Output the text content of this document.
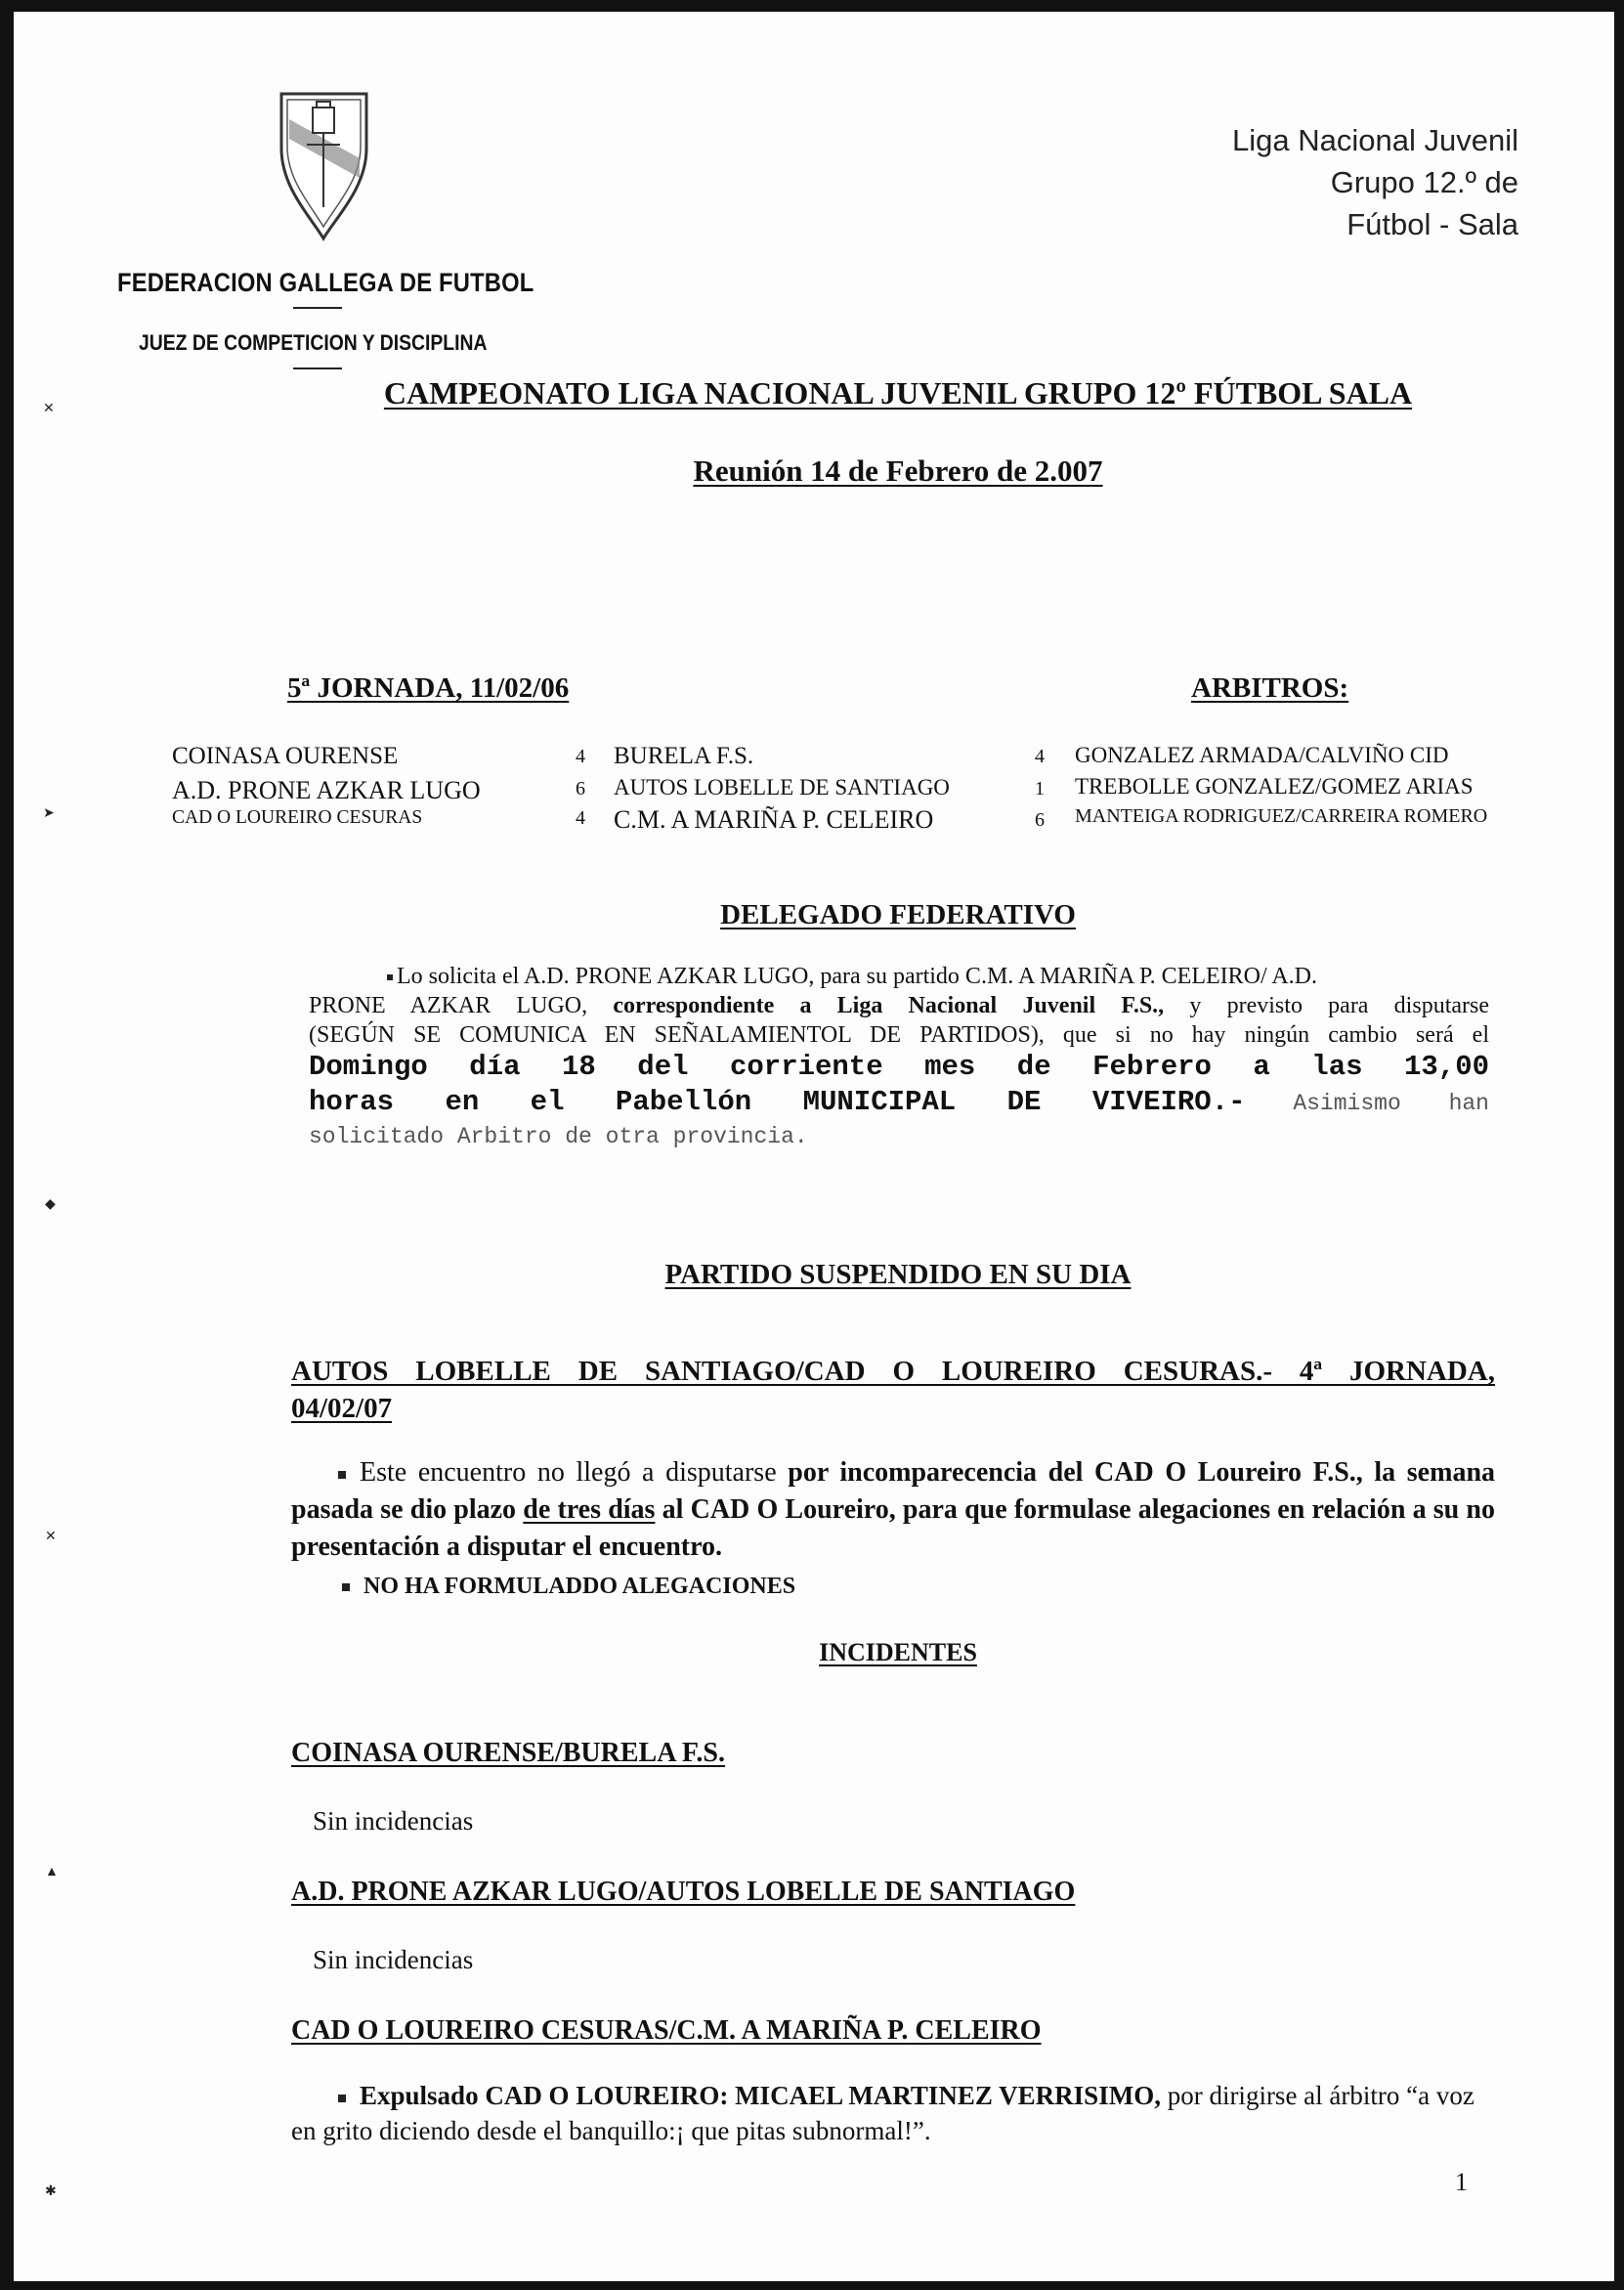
FEDERACION GALLEGA DE FUTBOL
JUEZ DE COMPETICION Y DISCIPLINA
Liga Nacional Juvenil
Grupo 12.º de
Fútbol - Sala
CAMPEONATO LIGA NACIONAL JUVENIL GRUPO 12º FÚTBOL SALA
Reunión 14 de Febrero de 2.007
5ª JORNADA, 11/02/06	ARBITROS:
COINASA OURENSE	4 BURELA F.S.	4 GONZALEZ ARMADA/CALVIÑO CID
A.D. PRONE AZKAR LUGO	6 AUTOS LOBELLE DE SANTIAGO	1 TREBOLLE GONZALEZ/GOMEZ ARIAS
CAD O LOUREIRO CESURAS	4 C.M. A MARIÑA P. CELEIRO	6 MANTEIGA RODRIGUEZ/CARREIRA ROMERO
DELEGADO FEDERATIVO
Lo solicita el A.D. PRONE AZKAR LUGO, para su partido C.M. A MARIÑA P. CELEIRO/ A.D.
PRONE AZKAR LUGO, correspondiente a Liga Nacional Juvenil F.S., y previsto para disputarse
(SEGÚN SE COMUNICA EN SEÑALAMIENTOL DE PARTIDOS), que si no hay ningún cambio será el
Domingo día 18 del corriente mes de Febrero a las 13,00
horas en el Pabellón MUNICIPAL DE VIVEIRO.- Asimismo han
solicitado Arbitro de otra provincia.
PARTIDO SUSPENDIDO EN SU DIA
AUTOS LOBELLE DE SANTIAGO/CAD O LOUREIRO CESURAS.- 4ª JORNADA,
04/02/07
Este encuentro no llegó a disputarse por incomparecencia del CAD O Loureiro F.S., la semana pasada se dio plazo de tres días al CAD O Loureiro, para que formulase alegaciones en relación a su no presentación a disputar el encuentro.
NO HA FORMULADDO ALEGACIONES
INCIDENTES
COINASA OURENSE/BURELA F.S.
Sin incidencias
A.D. PRONE AZKAR LUGO/AUTOS LOBELLE DE SANTIAGO
Sin incidencias
CAD O LOUREIRO CESURAS/C.M. A MARIÑA P. CELEIRO
Expulsado CAD O LOUREIRO: MICAEL MARTINEZ VERRISIMO, por dirigirse al árbitro “a voz en grito diciendo desde el banquillo:¡ que pitas subnormal!”.
1
✕
➤
◆
✕
▲
✱
